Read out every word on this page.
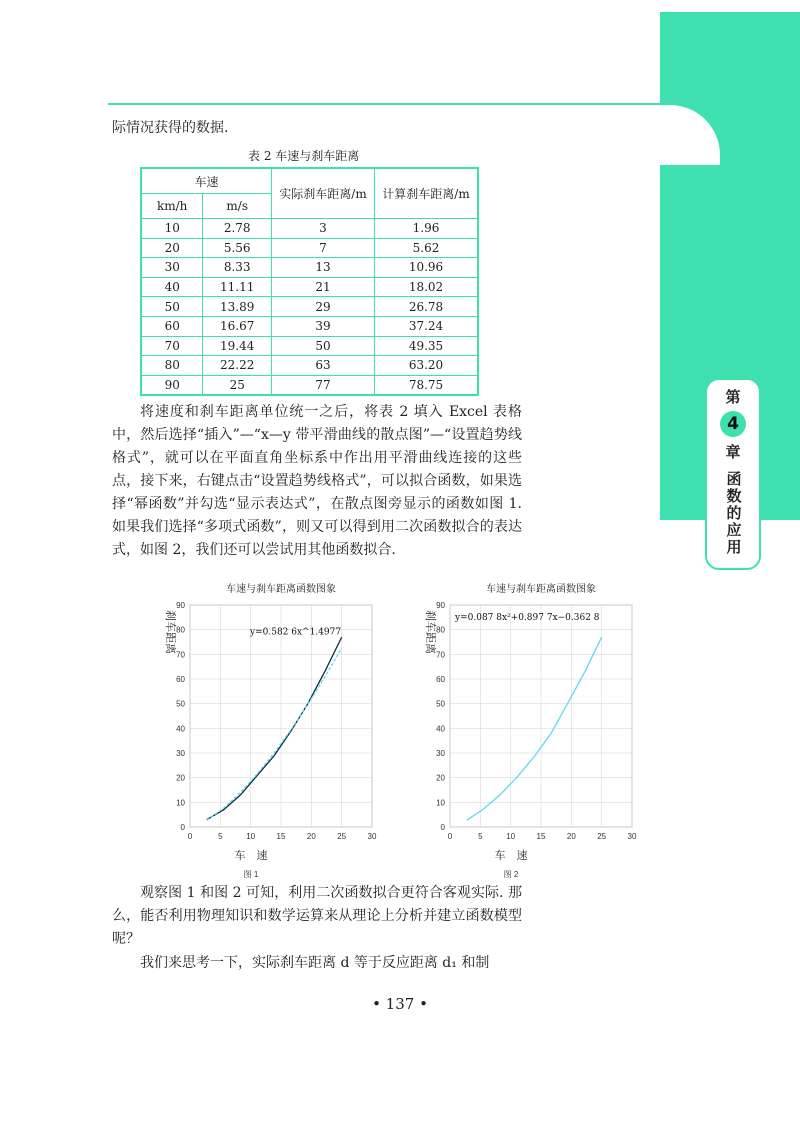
第
4
章
函数的应用
际情况获得的数据.
表 2 车速与刹车距离
车速		实际刹车距离/m	计算刹车距离/m
km/h	m/s		
10	2.78	3	1.96
20	5.56	7	5.62
30	8.33	13	10.96
40	11.11	21	18.02
50	13.89	29	26.78
60	16.67	39	37.24
70	19.44	50	49.35
80	22.22	63	63.20
90	25	77	78.75
将速度和刹车距离单位统一之后，将表 2 填入 Excel 表格中，然后选择“插入”—“x—y 带平滑曲线的散点图”—“设置趋势线格式”，就可以在平面直角坐标系中作出用平滑曲线连接的这些点，接下来，右键点击“设置趋势线格式”，可以拟合函数，如果选择“幂函数”并勾选“显示表达式”，在散点图旁显示的函数如图 1. 如果我们选择“多项式函数”，则又可以得到用二次函数拟合的表达式，如图 2，我们还可以尝试用其他函数拟合.
车速与刹车距离函数图象
0
10
20
30
40
50
60
70
80
90
0	5	10	15	20	25	30
刹车距离
车　速
图 1
y=0.582 6x^1.4977
车速与刹车距离函数图象
0
10
20
30
40
50
60
70
80
90
0	5	10	15	20	25	30
刹车距离
车　速
图 2
y=0.087 8x²+0.897 7x−0.362 8
观察图 1 和图 2 可知，利用二次函数拟合更符合客观实际. 那么，能否利用物理知识和数学运算来从理论上分析并建立函数模型呢？
我们来思考一下，实际刹车距离 d 等于反应距离 d₁ 和制
• 137 •
